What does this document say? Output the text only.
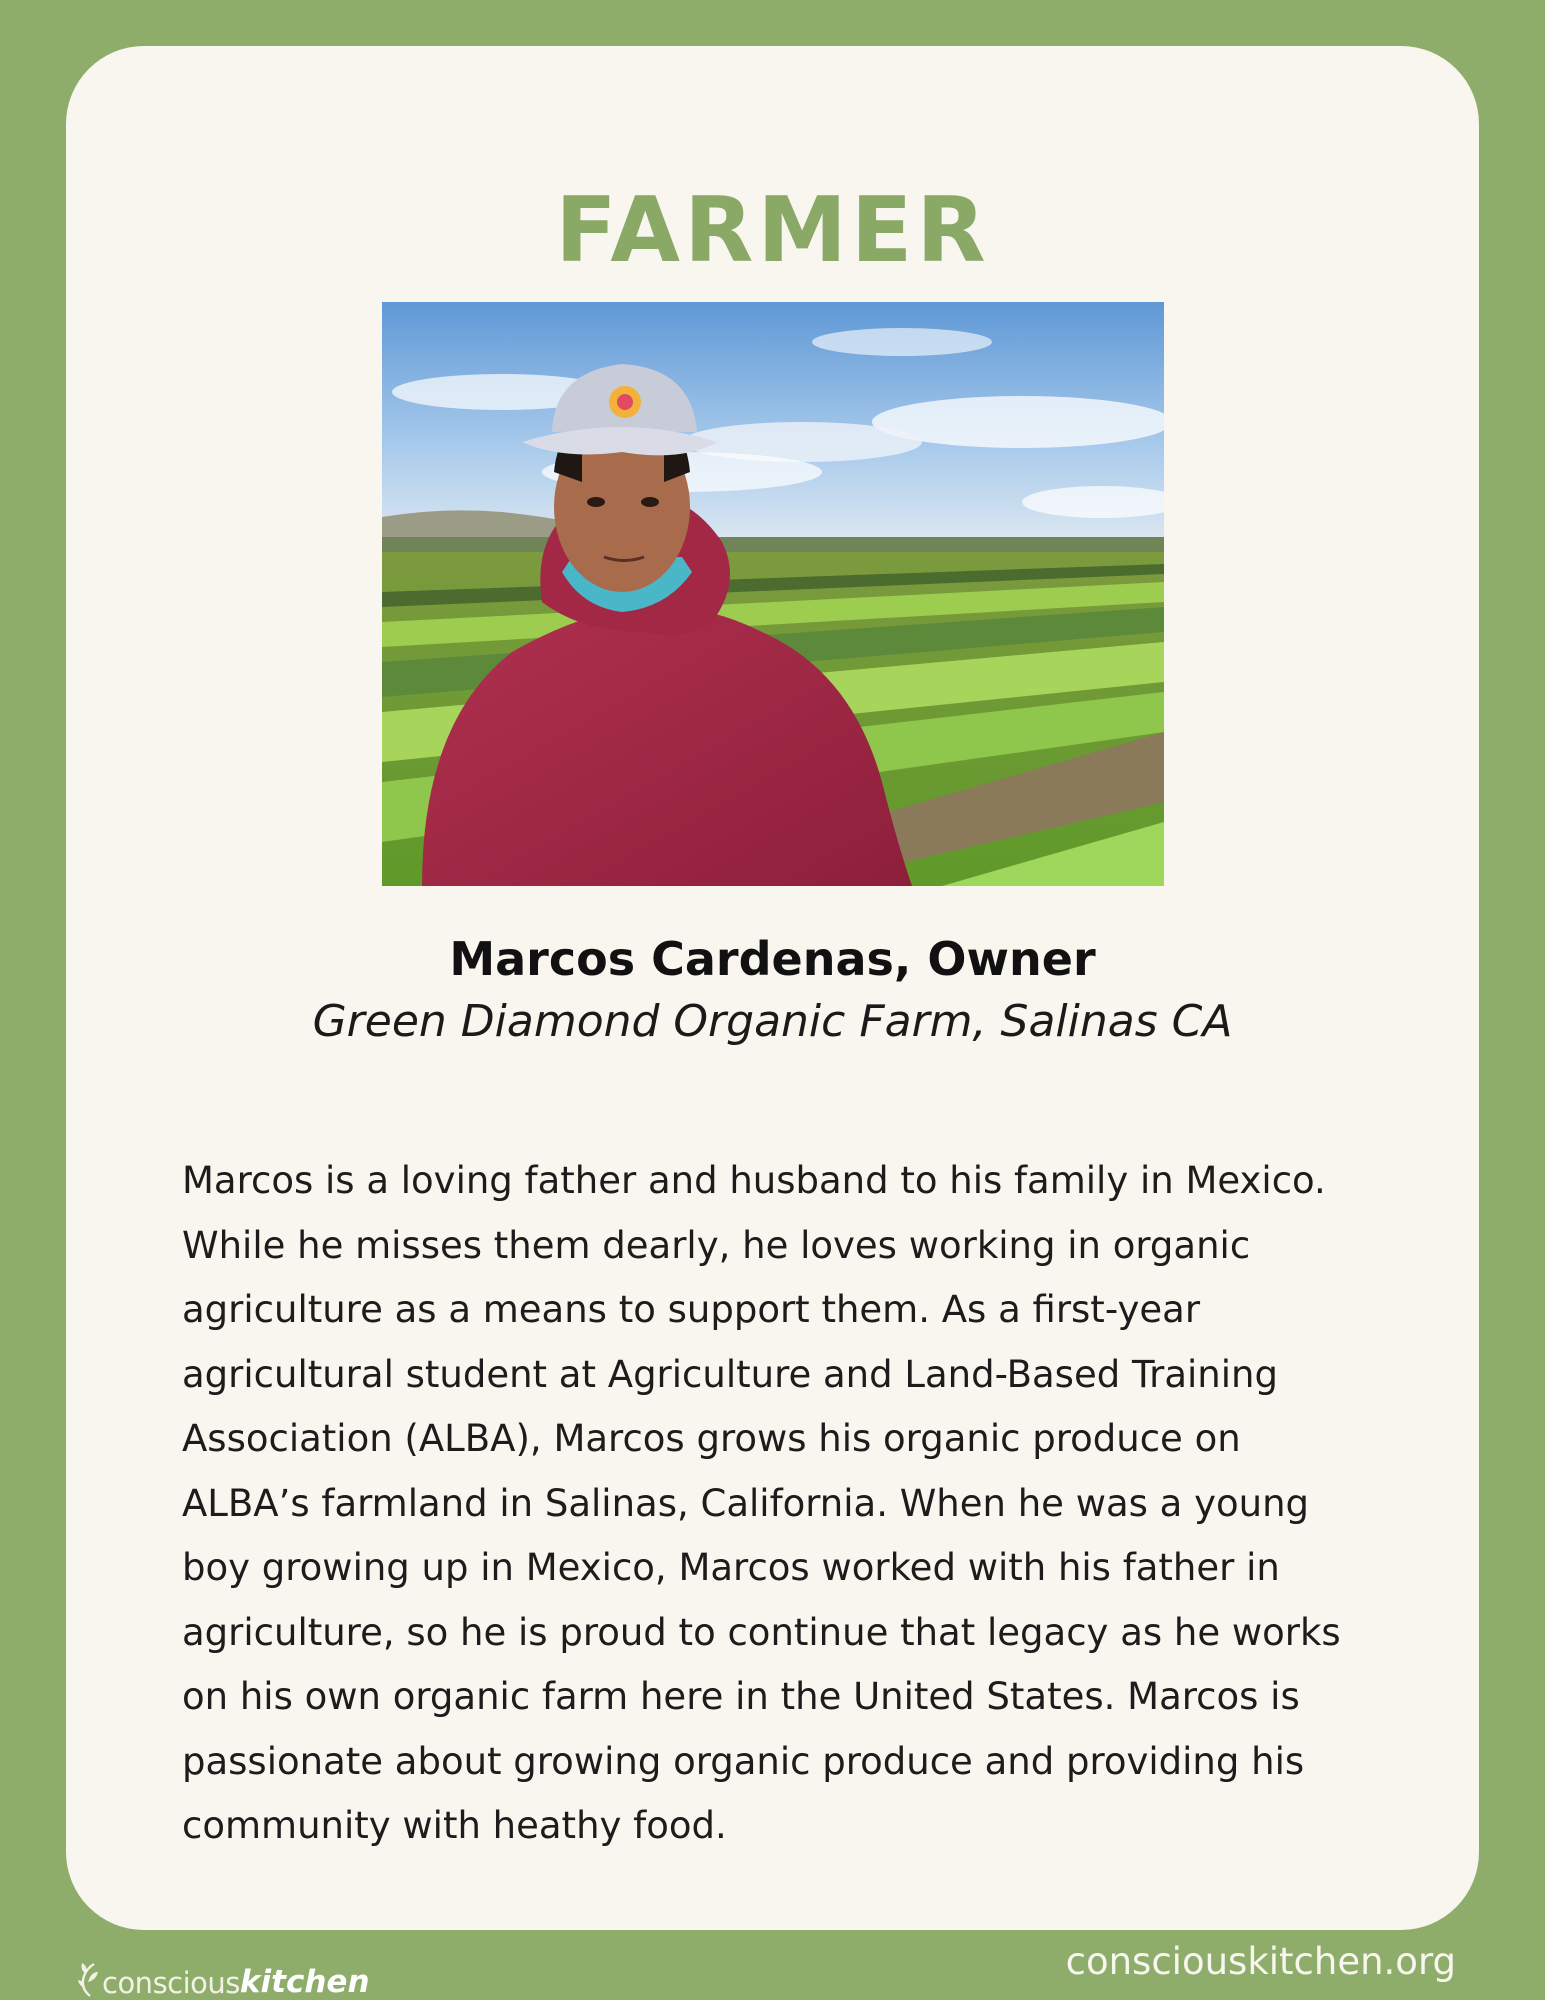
FARMER
Marcos Cardenas, Owner
Green Diamond Organic Farm, Salinas CA
Marcos is a loving father and husband to his family in Mexico.
While he misses them dearly, he loves working in organic
agriculture as a means to support them. As a first-year
agricultural student at Agriculture and Land-Based Training
Association (ALBA), Marcos grows his organic produce on
ALBA’s farmland in Salinas, California. When he was a young
boy growing up in Mexico, Marcos worked with his father in
agriculture, so he is proud to continue that legacy as he works
on his own organic farm here in the United States. Marcos is
passionate about growing organic produce and providing his
community with heathy food.
conscious kitchen	consciouskitchen.org
